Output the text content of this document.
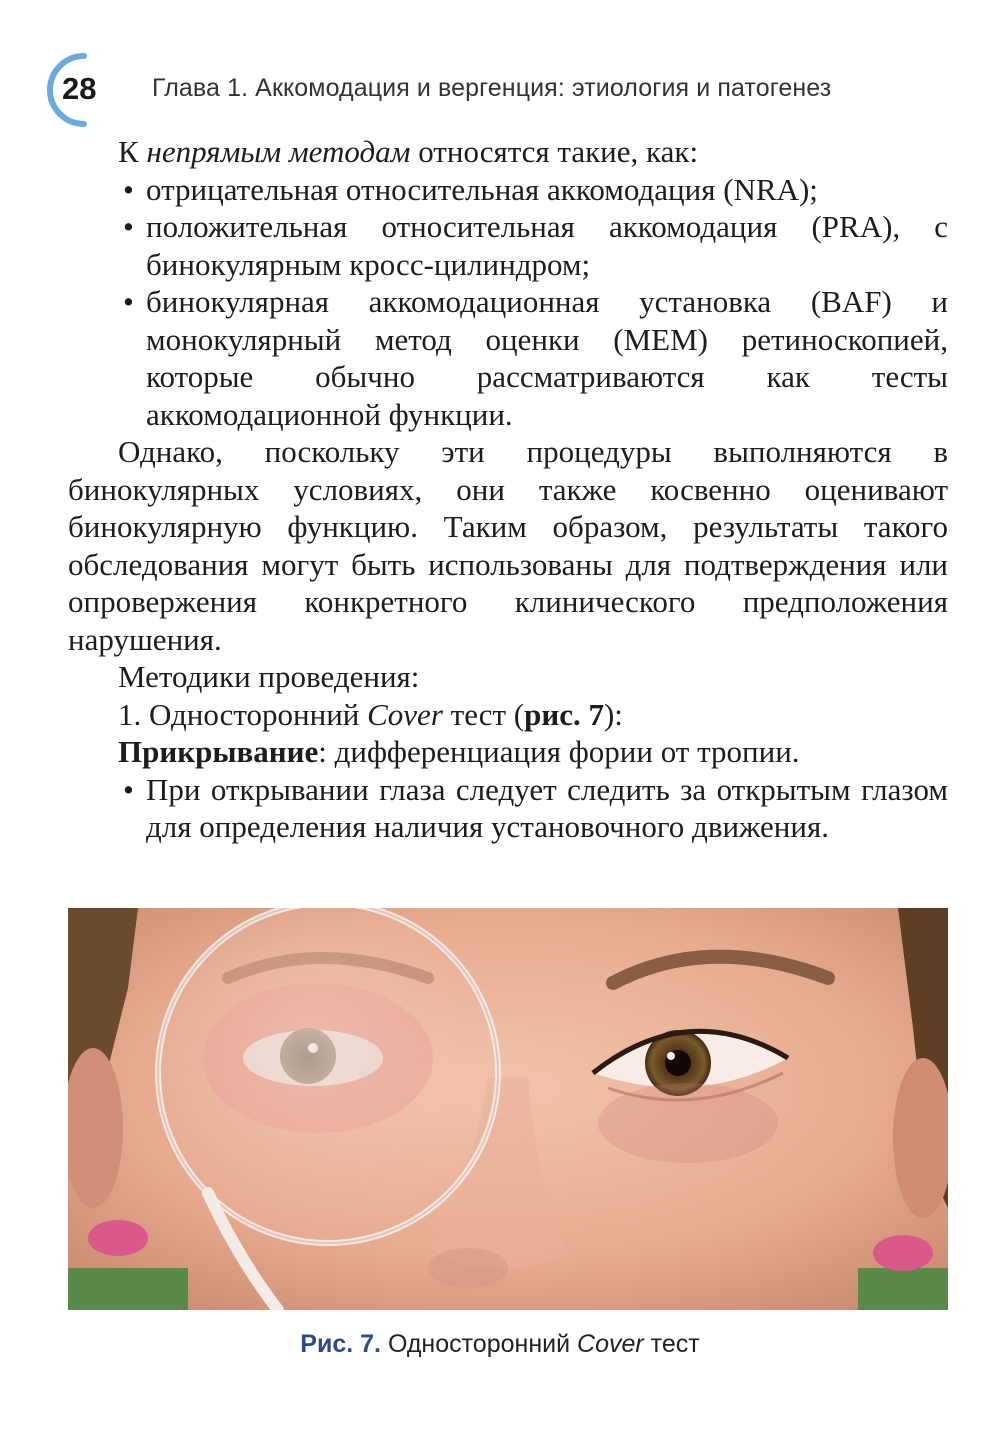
28 Глава 1. Аккомодация и вергенция: этиология и патогенез

К непрямым методам относятся такие, как:

• отрицательная относительная аккомодация (NRA);

• положительная относительная аккомодация (PRA), с бинокулярным кросс-цилиндром;

• бинокулярная аккомодационная установка (BAF) и монокулярный метод оценки (MEM) ретиноскопией, которые обычно рассматриваются как тесты аккомодационной функции.

Однако, поскольку эти процедуры выполняются в бинокулярных условиях, они также косвенно оценивают бинокулярную функцию. Таким образом, результаты такого обследования могут быть использованы для подтверждения или опровержения конкретного клинического предположения нарушения.

Методики проведения:

1. Односторонний Cover тест (рис. 7):

Прикрывание: дифференциация фории от тропии.

• При открывании глаза следует следить за открытым глазом для определения наличия установочного движения.

Рис. 7. Односторонний Cover тест
